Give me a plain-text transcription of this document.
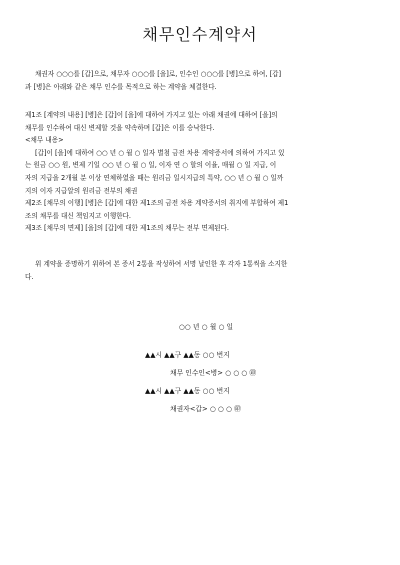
채무인수계약서
채권자 ○○○를 [갑]으로, 채무자 ○○○를 [을]로, 인수인 ○○○를 [병]으로 하여, [갑]
과 [병]은 아래와 같은 채무 인수를 목적으로 하는 계약을 체결한다.
제1조 [계약의 내용] [병]은 [갑]이 [을]에 대하여 가지고 있는 아래 채권에 대하여 [을]의
채무를 인수하여 대신 변제할 것을 약속하며 [갑]은 이를 승낙한다.
<채무 내용>
[갑]이 [을]에 대하여 ○○ 년 ○ 월 ○ 일자 별첨 금전 차용 계약증서에 의하여 가지고 있
는 원금 ○○ 원, 변제 기일 ○○ 년 ○ 월 ○ 일, 이자 연 ○ 할의 이율, 매월 ○ 일 지급, 이
자의 지급을 2개월 분 이상 연체하였을 때는 원리금 일시지급의 특약, ○○ 년 ○ 월 ○ 일까
지의 이자 지급알의 원리금 전부의 채권
제2조 [채무의 이행] [병]은 [갑]에 대한 제1조의 금전 차용 계약증서의 취지에 부합하여 제1
조의 채무를 대신 책임지고 이행한다.
제3조 [채무의 면제] [을]의 [갑]에 대한 제1조의 채무는 전부 면제된다.
위 계약을 증명하기 위하여 본 증서 2통을 작성하여 서명 날인한 후 각자 1통씩을 소지한
다.
○○ 년 ○ 월 ○ 일
▲▲시 ▲▲구 ▲▲동 ○○ 번지
채무 인수인<병> ○ ○ ○ ㊞
▲▲시 ▲▲구 ▲▲동 ○○ 번지
채권자<갑> ○ ○ ○ ㊞
